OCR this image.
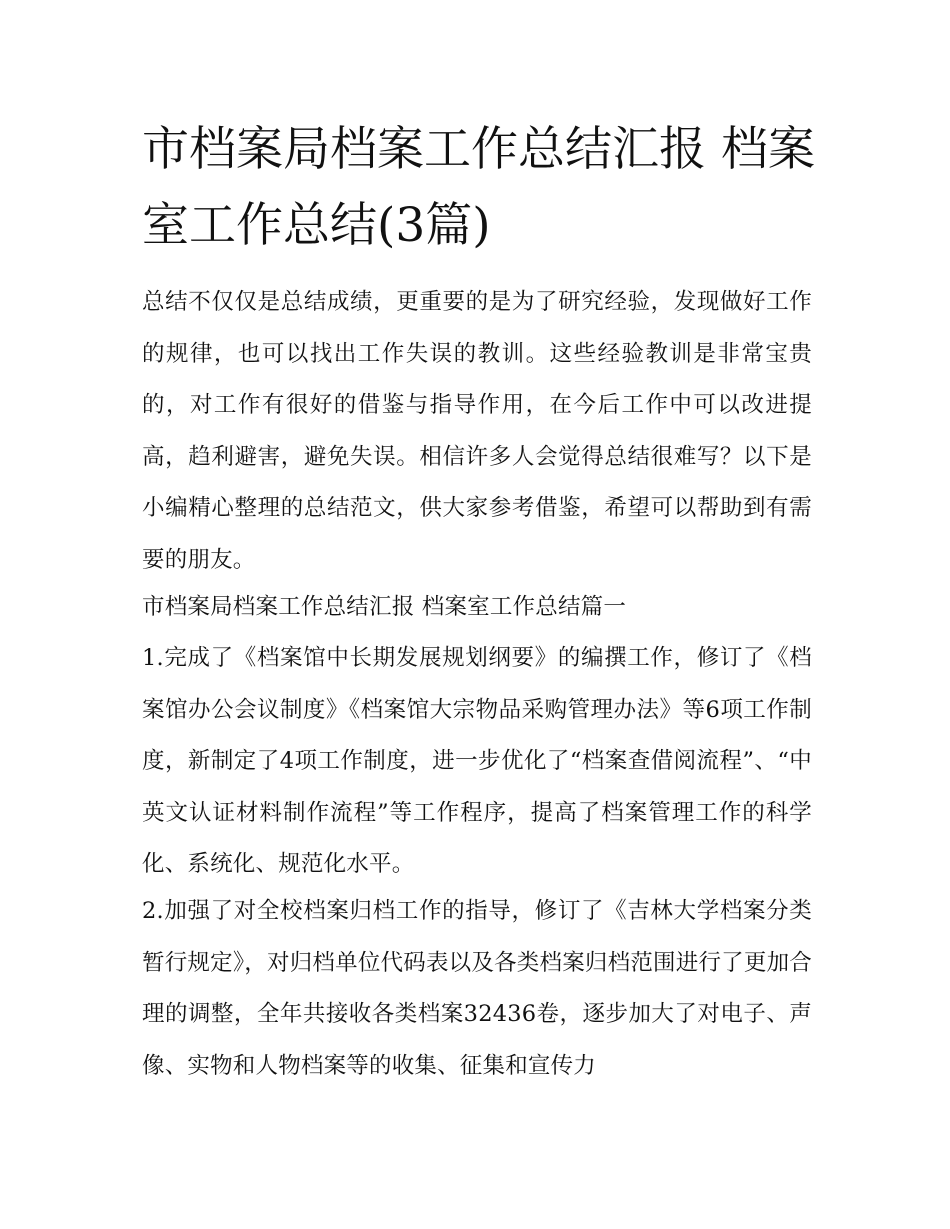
市档案局档案工作总结汇报 档案室工作总结(3篇)

总结不仅仅是总结成绩，更重要的是为了研究经验，发现做好工作的规律，也可以找出工作失误的教训。这些经验教训是非常宝贵的，对工作有很好的借鉴与指导作用，在今后工作中可以改进提高，趋利避害，避免失误。相信许多人会觉得总结很难写？以下是小编精心整理的总结范文，供大家参考借鉴，希望可以帮助到有需要的朋友。

市档案局档案工作总结汇报 档案室工作总结篇一

1.完成了《档案馆中长期发展规划纲要》的编撰工作，修订了《档案馆办公会议制度》《档案馆大宗物品采购管理办法》等6项工作制度，新制定了4项工作制度，进一步优化了“档案查借阅流程”、“中英文认证材料制作流程”等工作程序，提高了档案管理工作的科学化、系统化、规范化水平。

2.加强了对全校档案归档工作的指导，修订了《吉林大学档案分类暂行规定》，对归档单位代码表以及各类档案归档范围进行了更加合理的调整，全年共接收各类档案32436卷，逐步加大了对电子、声像、实物和人物档案等的收集、征集和宣传力
